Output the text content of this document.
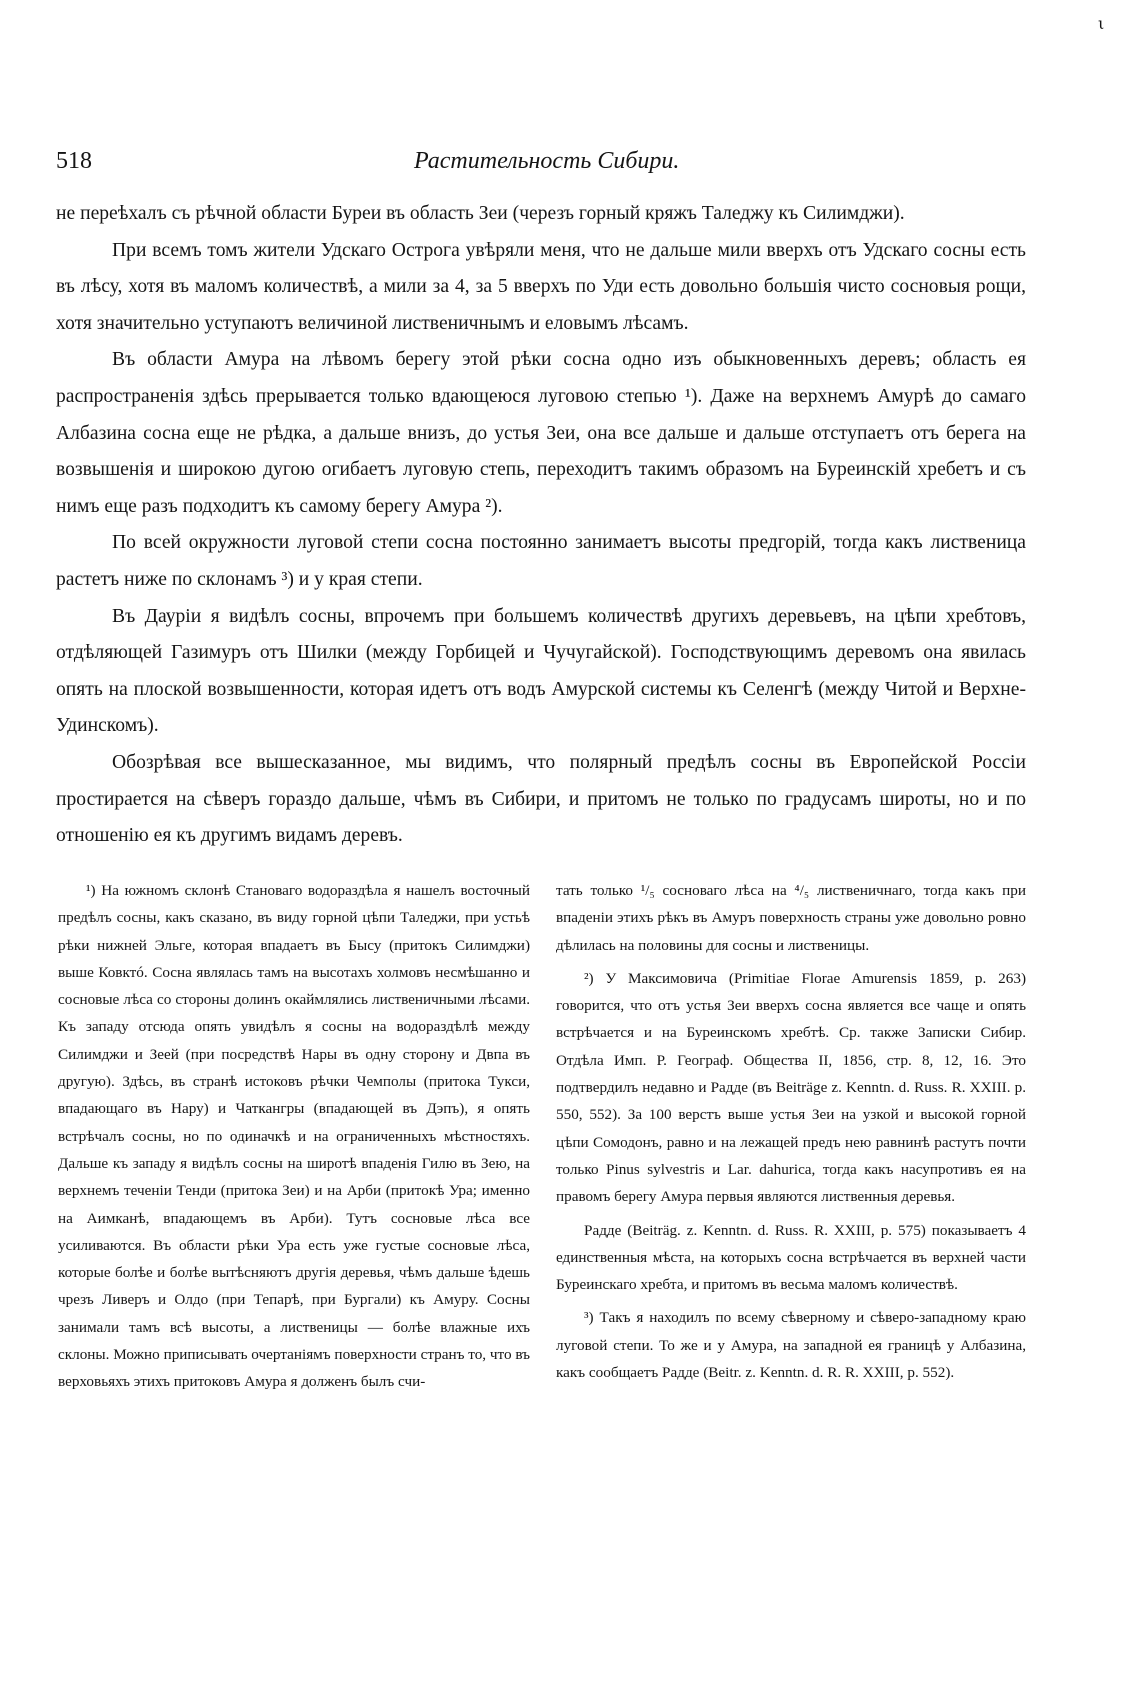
ι
518	Растительность Сибири.

не переѣхалъ съ рѣчной области Буреи въ область Зеи (черезъ горный кряжъ Таледжу къ Силимджи).

При всемъ томъ жители Удскаго Острога увѣряли меня, что не дальше мили вверхъ отъ Удскаго сосны есть въ лѣсу, хотя въ маломъ количествѣ, а мили за 4, за 5 вверхъ по Уди есть довольно большія чисто сосновыя рощи, хотя значительно уступаютъ величиной лиственичнымъ и еловымъ лѣсамъ.

Въ области Амура на лѣвомъ берегу этой рѣки сосна одно изъ обыкновенныхъ деревъ; область ея распространенія здѣсь прерывается только вдающеюся луговою степью ¹). Даже на верхнемъ Амурѣ до самаго Албазина сосна еще не рѣдка, а дальше внизъ, до устья Зеи, она все дальше и дальше отступаетъ отъ берега на возвышенія и широкою дугою огибаетъ луговую степь, переходитъ такимъ образомъ на Буреинскій хребетъ и съ нимъ еще разъ подходитъ къ самому берегу Амура ²).

По всей окружности луговой степи сосна постоянно занимаетъ высоты предгорій, тогда какъ лиственица растетъ ниже по склонамъ ³) и у края степи.

Въ Дауріи я видѣлъ сосны, впрочемъ при большемъ количествѣ другихъ деревьевъ, на цѣпи хребтовъ, отдѣляющей Газимуръ отъ Шилки (между Горбицей и Чучугайской). Господствующимъ деревомъ она явилась опять на плоской возвышенности, которая идетъ отъ водъ Амурской системы къ Селенгѣ (между Читой и Верхне-Удинскомъ).

Обозрѣвая все вышесказанное, мы видимъ, что полярный предѣлъ сосны въ Европейской Россіи простирается на сѣверъ гораздо дальше, чѣмъ въ Сибири, и притомъ не только по градусамъ широты, но и по отношенію ея къ другимъ видамъ деревъ.

¹) На южномъ склонѣ Становаго водораздѣла я нашелъ восточный предѣлъ сосны, какъ сказано, въ виду горной цѣпи Таледжи, при устьѣ рѣки нижней Эльге, которая впадаетъ въ Бысу (притокъ Силимджи) выше Ковктó. Сосна являлась тамъ на высотахъ холмовъ несмѣшанно и сосновые лѣса со стороны долинъ окаймлялись лиственичными лѣсами. Къ западу отсюда опять увидѣлъ я сосны на водораздѣлѣ между Силимджи и Зеей (при посредствѣ Нары въ одну сторону и Двпа въ другую). Здѣсь, въ странѣ истоковъ рѣчки Чемполы (притока Тукси, впадающаго въ Нару) и Чаткангры (впадающей въ Дэпъ), я опять встрѣчалъ сосны, но по одиначкѣ и на ограниченныхъ мѣстностяхъ. Дальше къ западу я видѣлъ сосны на широтѣ впаденія Гилю въ Зею, на верхнемъ теченіи Тенди (притока Зеи) и на Арби (притокѣ Ура; именно на Аимканѣ, впадающемъ въ Арби). Тутъ сосновые лѣса все усиливаются. Въ области рѣки Ура есть уже густые сосновые лѣса, которые болѣе и болѣе вытѣсняютъ другія деревья, чѣмъ дальше ѣдешь чрезъ Ливеръ и Олдо (при Тепарѣ, при Бургали) къ Амуру. Сосны занимали тамъ всѣ высоты, а лиственицы — болѣе влажные ихъ склоны. Можно приписывать очертаніямъ поверхности странъ то, что въ верховьяхъ этихъ притоковъ Амура я долженъ былъ счи-

тать только ¹/₅ сосноваго лѣса на ⁴/₅ лиственичнаго, тогда какъ при впаденіи этихъ рѣкъ въ Амуръ поверхность страны уже довольно ровно дѣлилась на половины для сосны и лиственицы.

²) У Максимовича (Primitiae Florae Amurensis 1859, p. 263) говорится, что отъ устья Зеи вверхъ сосна является все чаще и опять встрѣчается и на Буреинскомъ хребтѣ. Ср. также Записки Сибир. Отдѣла Имп. Р. Географ. Общества II, 1856, стр. 8, 12, 16. Это подтвердилъ недавно и Радде (въ Beiträge z. Kenntn. d. Russ. R. XXIII. p. 550, 552). За 100 верстъ выше устья Зеи на узкой и высокой горной цѣпи Сомодонъ, равно и на лежащей предъ нею равнинѣ растутъ почти только Pinus sylvestris и Lar. dahurica, тогда какъ насупротивъ ея на правомъ берегу Амура первыя являются лиственныя деревья.

Радде (Beiträg. z. Kenntn. d. Russ. R. XXIII, p. 575) показываетъ 4 единственныя мѣста, на которыхъ сосна встрѣчается въ верхней части Буреинскаго хребта, и притомъ въ весьма маломъ количествѣ.

³) Такъ я находилъ по всему сѣверному и сѣверо-западному краю луговой степи. То же и у Амура, на западной ея границѣ у Албазина, какъ сообщаетъ Радде (Beitr. z. Kenntn. d. R. R. XXIII, p. 552).
